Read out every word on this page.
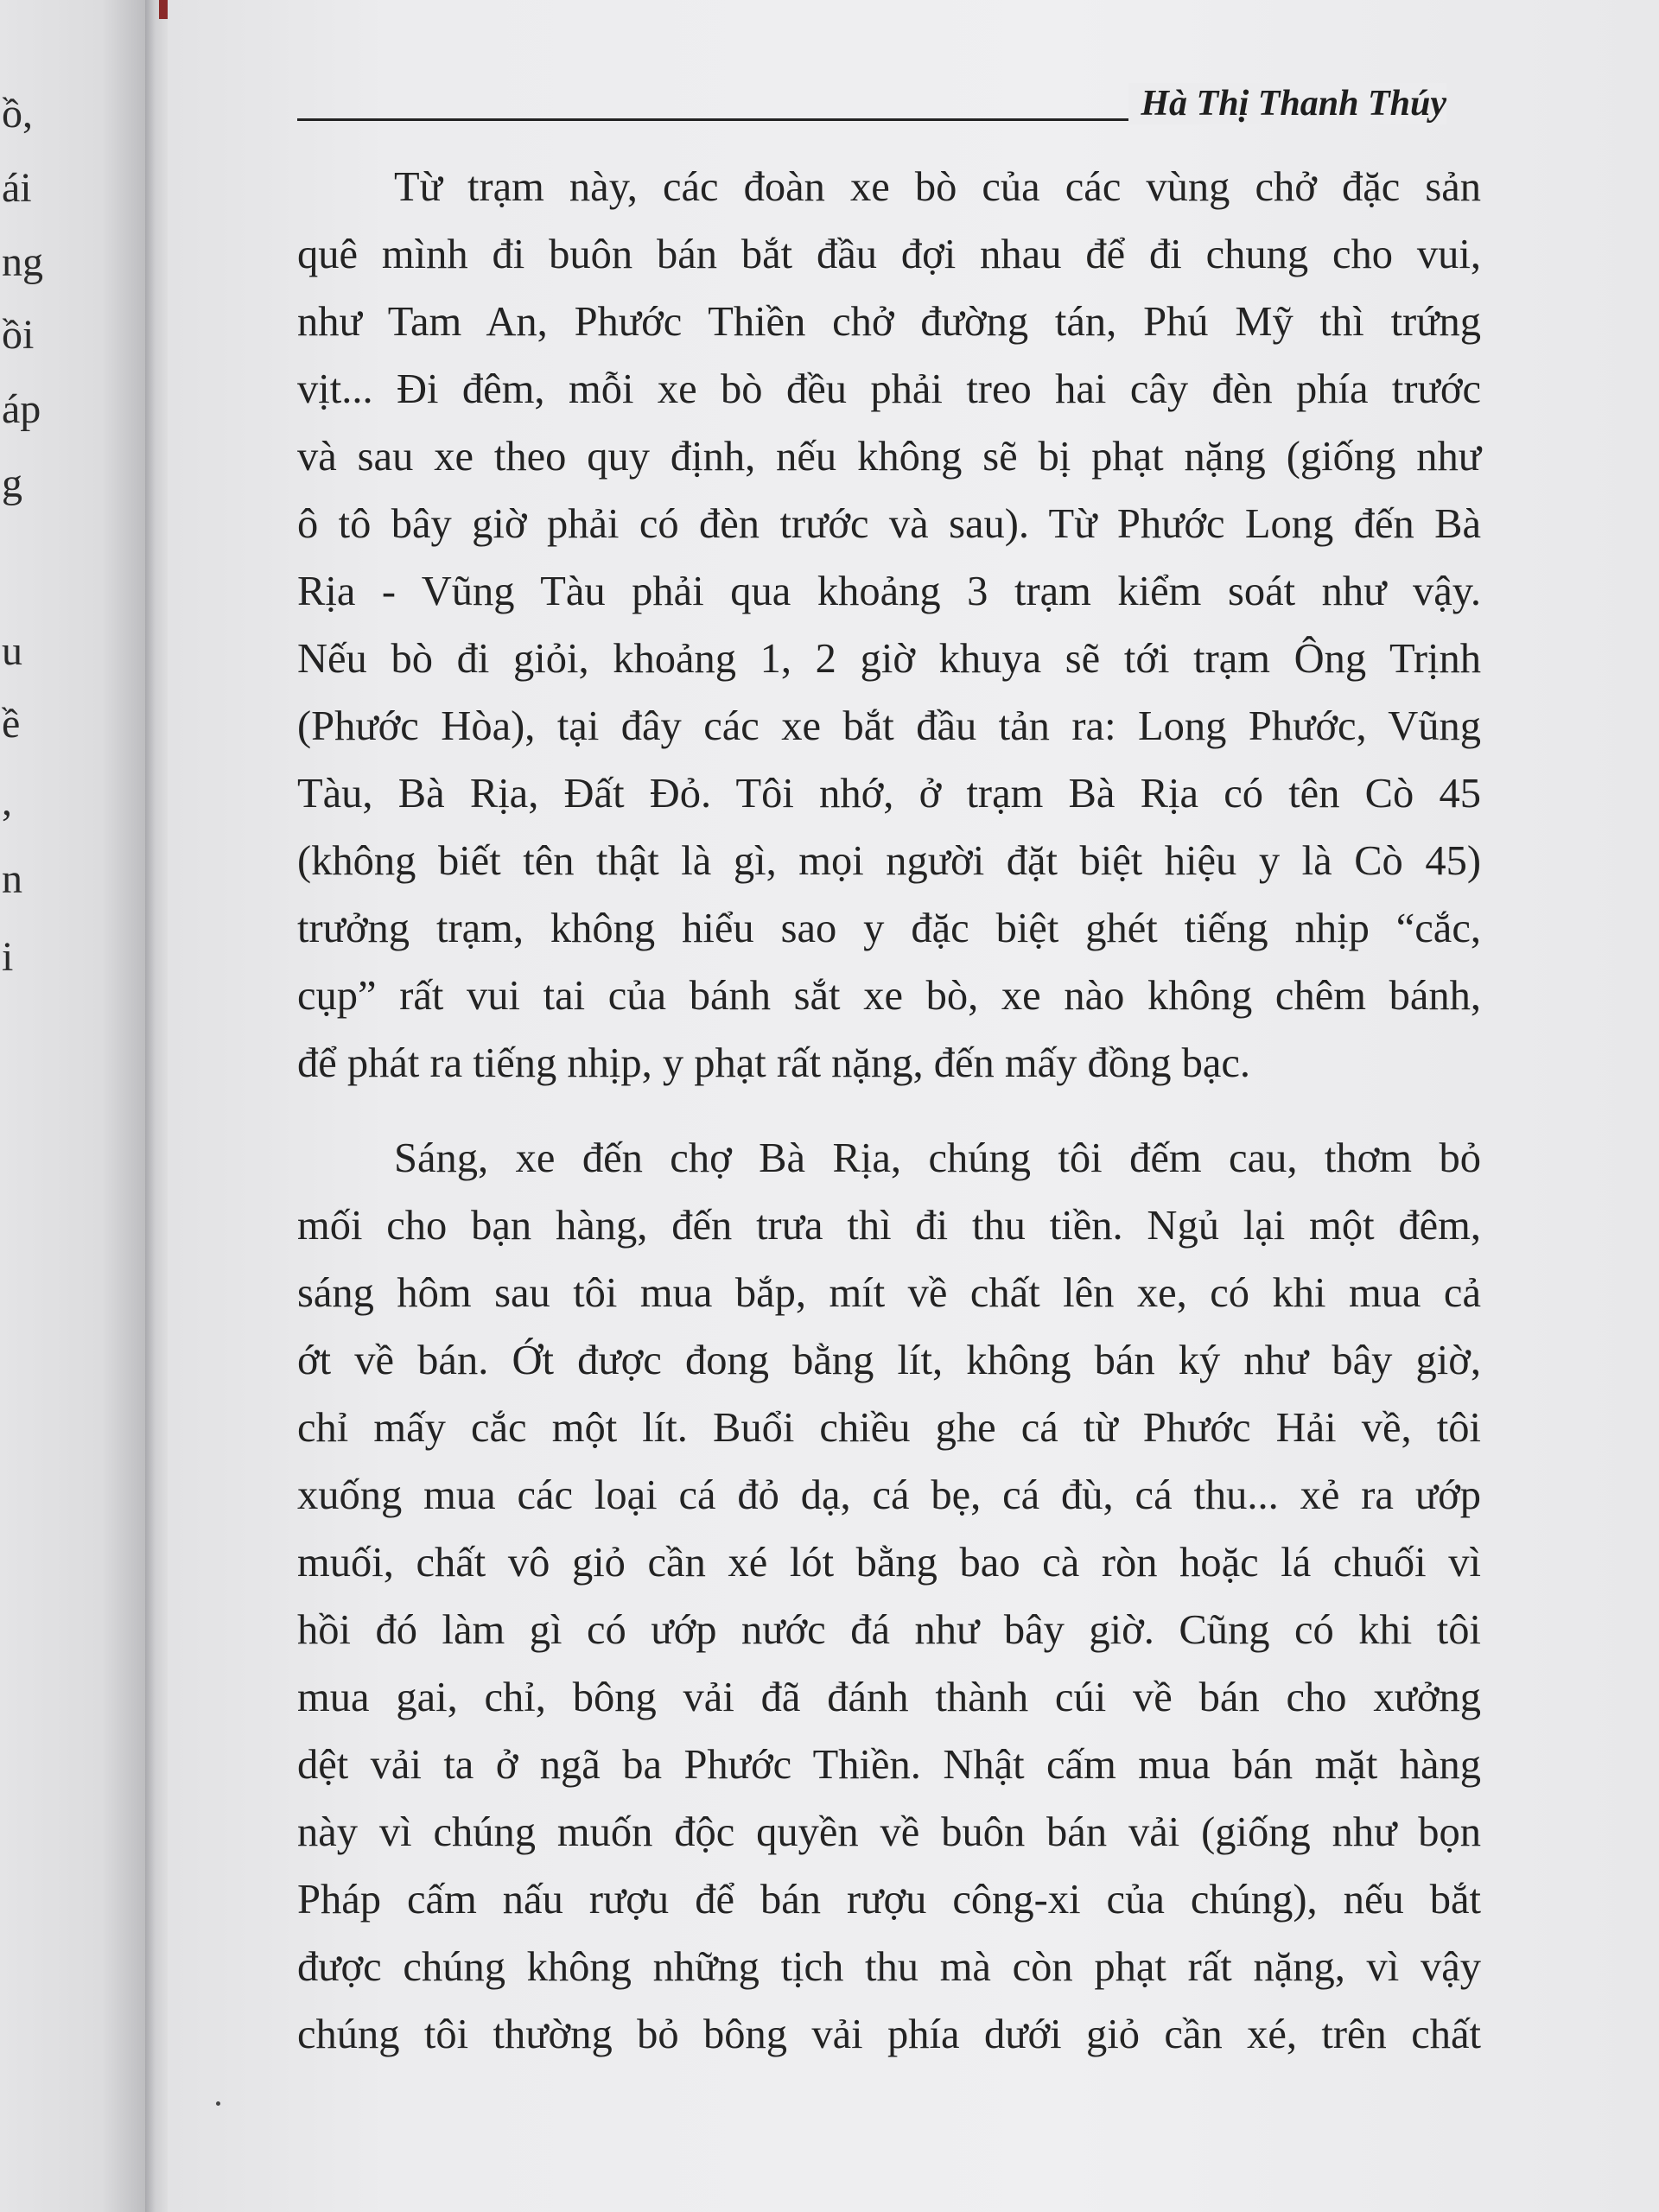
ồ,
ái
ng
ồi
áp
g
u
ề
,
n
i
Hà Thị Thanh Thúy
Từ trạm này, các đoàn xe bò của các vùng chở đặc sản
quê mình đi buôn bán bắt đầu đợi nhau để đi chung cho vui,
như Tam An, Phước Thiền chở đường tán, Phú Mỹ thì trứng
vịt... Đi đêm, mỗi xe bò đều phải treo hai cây đèn phía trước
và sau xe theo quy định, nếu không sẽ bị phạt nặng (giống như
ô tô bây giờ phải có đèn trước và sau). Từ Phước Long đến Bà
Rịa - Vũng Tàu phải qua khoảng 3 trạm kiểm soát như vậy.
Nếu bò đi giỏi, khoảng 1, 2 giờ khuya sẽ tới trạm Ông Trịnh
(Phước Hòa), tại đây các xe bắt đầu tản ra: Long Phước, Vũng
Tàu, Bà Rịa, Đất Đỏ. Tôi nhớ, ở trạm Bà Rịa có tên Cò 45
(không biết tên thật là gì, mọi người đặt biệt hiệu y là Cò 45)
trưởng trạm, không hiểu sao y đặc biệt ghét tiếng nhịp “cắc,
cụp” rất vui tai của bánh sắt xe bò, xe nào không chêm bánh,
để phát ra tiếng nhịp, y phạt rất nặng, đến mấy đồng bạc.
Sáng, xe đến chợ Bà Rịa, chúng tôi đếm cau, thơm bỏ
mối cho bạn hàng, đến trưa thì đi thu tiền. Ngủ lại một đêm,
sáng hôm sau tôi mua bắp, mít về chất lên xe, có khi mua cả
ớt về bán. Ớt được đong bằng lít, không bán ký như bây giờ,
chỉ mấy cắc một lít. Buổi chiều ghe cá từ Phước Hải về, tôi
xuống mua các loại cá đỏ dạ, cá bẹ, cá đù, cá thu... xẻ ra ướp
muối, chất vô giỏ cần xé lót bằng bao cà ròn hoặc lá chuối vì
hồi đó làm gì có ướp nước đá như bây giờ. Cũng có khi tôi
mua gai, chỉ, bông vải đã đánh thành cúi về bán cho xưởng
dệt vải ta ở ngã ba Phước Thiền. Nhật cấm mua bán mặt hàng
này vì chúng muốn độc quyền về buôn bán vải (giống như bọn
Pháp cấm nấu rượu để bán rượu công-xi của chúng), nếu bắt
được chúng không những tịch thu mà còn phạt rất nặng, vì vậy
chúng tôi thường bỏ bông vải phía dưới giỏ cần xé, trên chất
